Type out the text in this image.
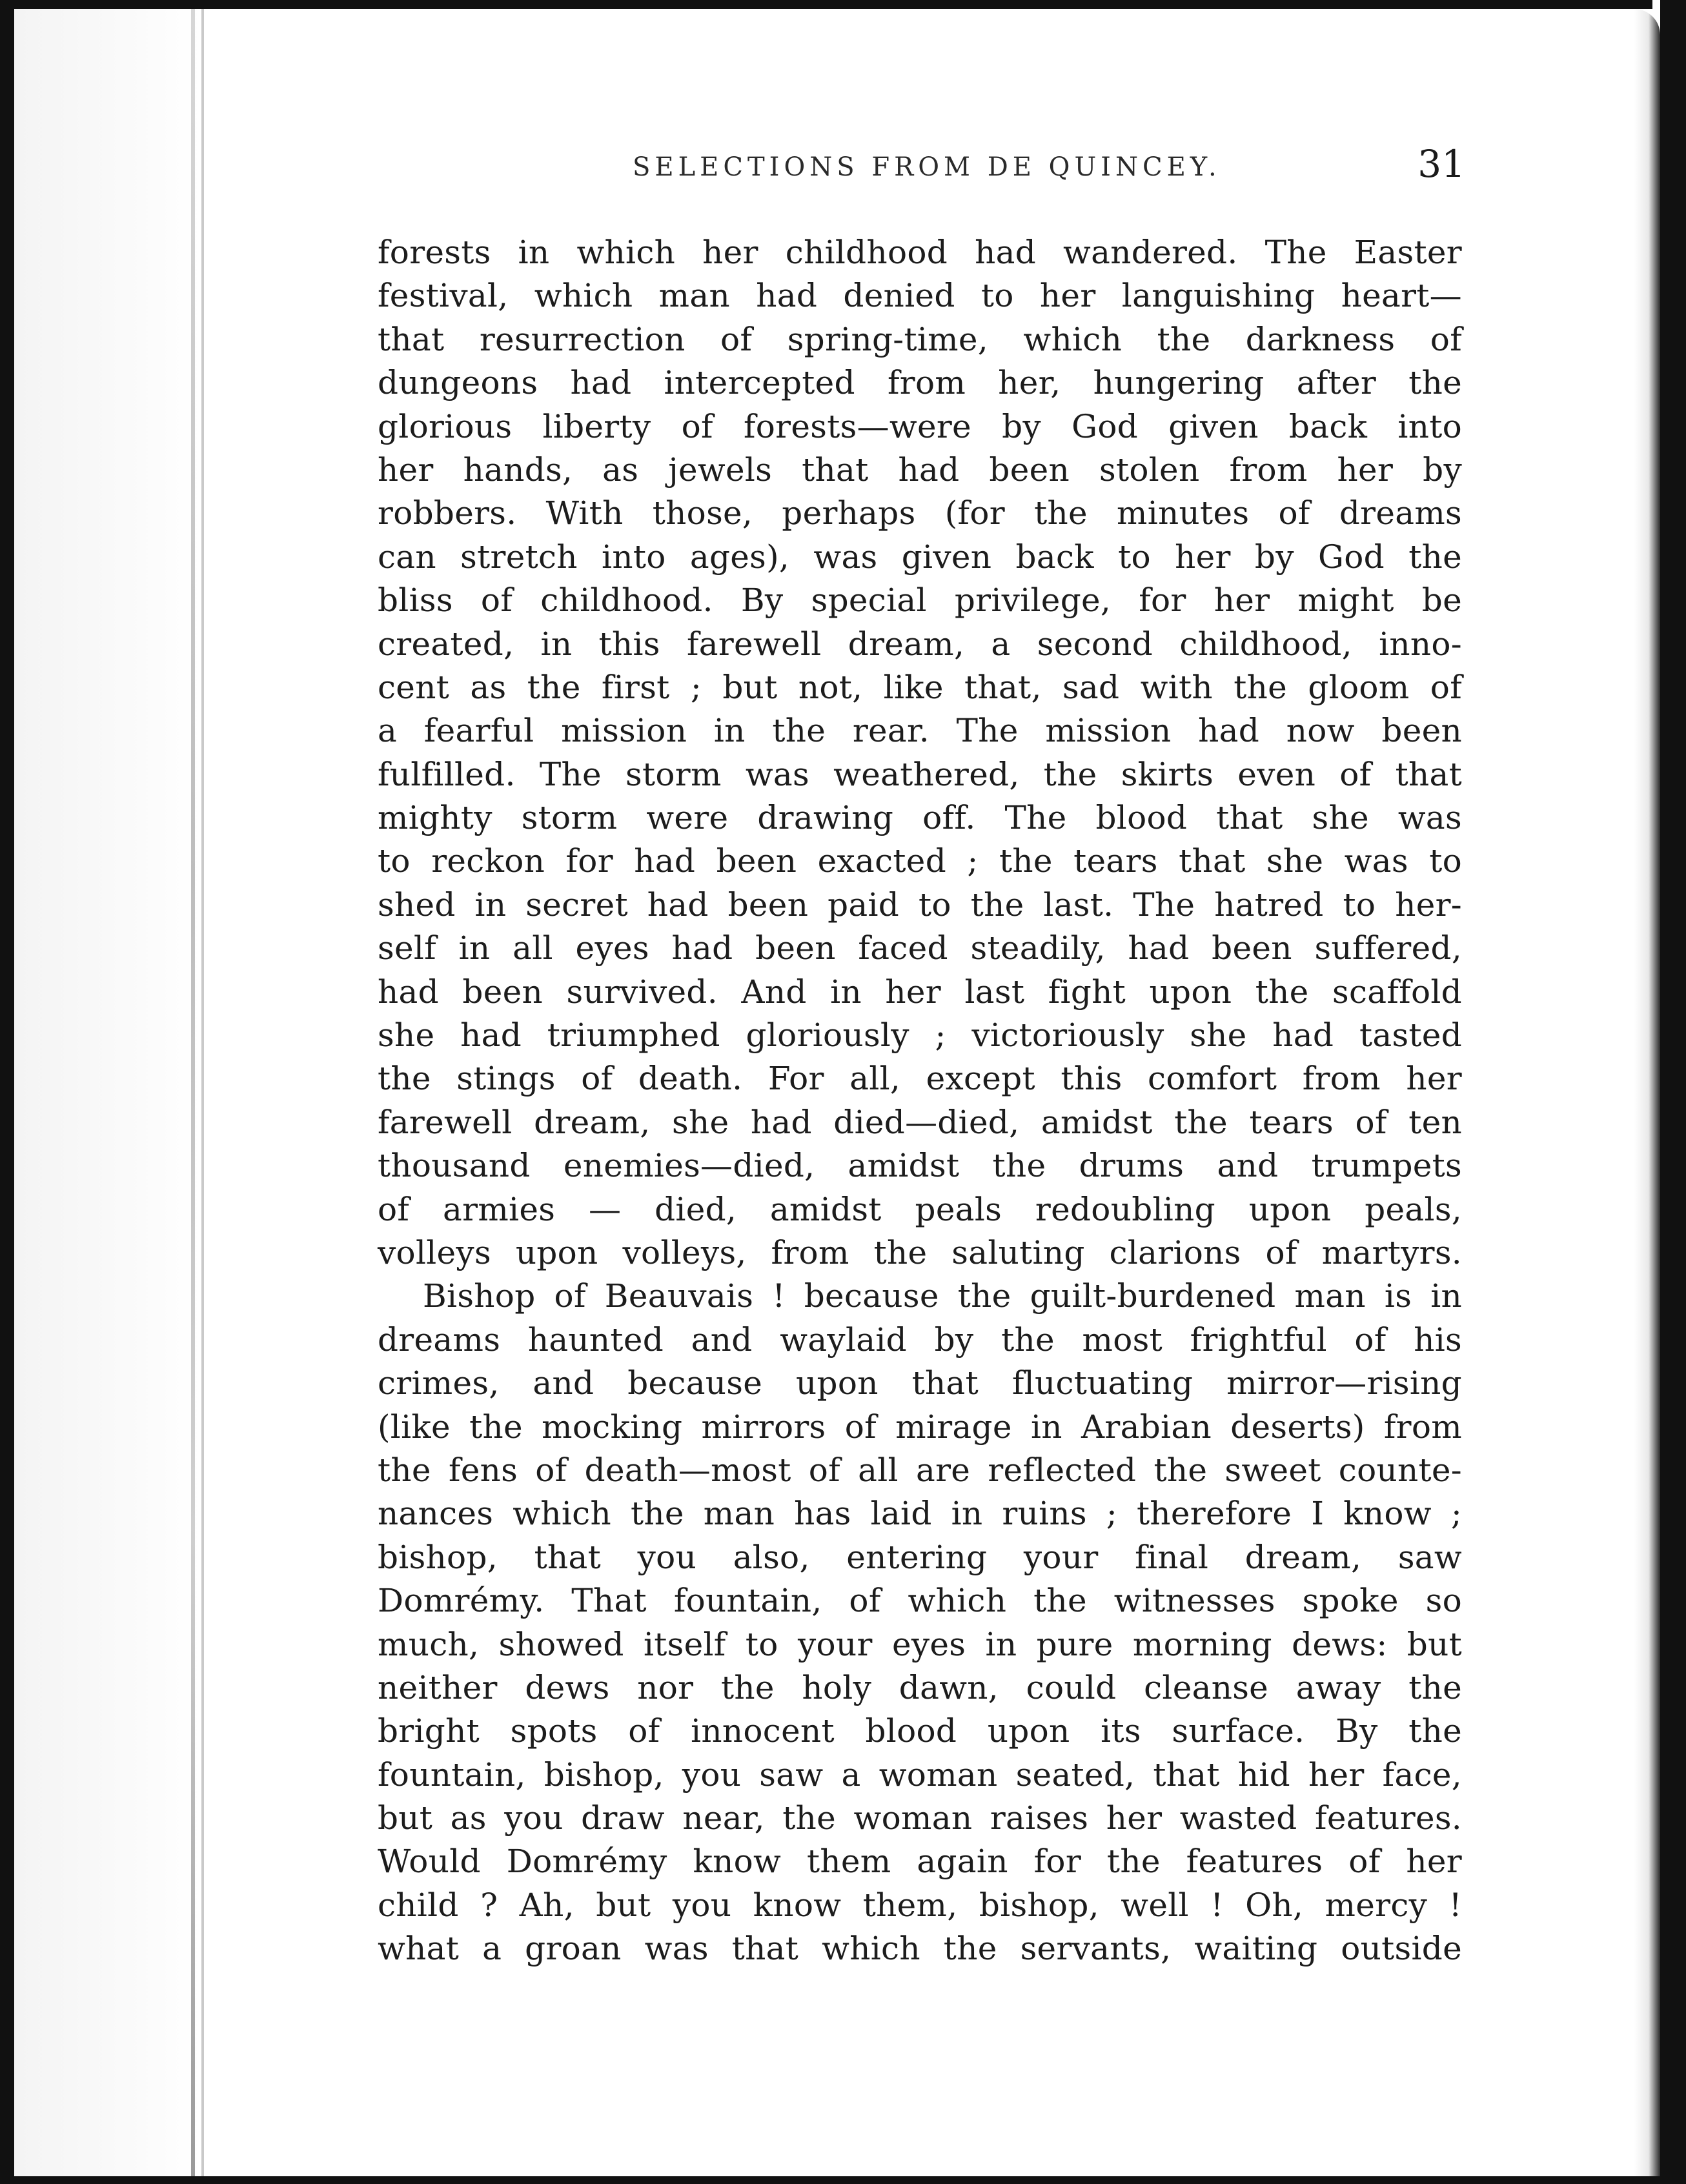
SELECTIONS FROM DE QUINCEY.	31
forests in which her childhood had wandered. The Easter
festival, which man had denied to her languishing heart—
that resurrection of spring-time, which the darkness of
dungeons had intercepted from her, hungering after the
glorious liberty of forests—were by God given back into
her hands, as jewels that had been stolen from her by
robbers. With those, perhaps (for the minutes of dreams
can stretch into ages), was given back to her by God the
bliss of childhood. By special privilege, for her might be
created, in this farewell dream, a second childhood, inno-
cent as the first ; but not, like that, sad with the gloom of
a fearful mission in the rear. The mission had now been
fulfilled. The storm was weathered, the skirts even of that
mighty storm were drawing off. The blood that she was
to reckon for had been exacted ; the tears that she was to
shed in secret had been paid to the last. The hatred to her-
self in all eyes had been faced steadily, had been suffered,
had been survived. And in her last fight upon the scaffold
she had triumphed gloriously ; victoriously she had tasted
the stings of death. For all, except this comfort from her
farewell dream, she had died—died, amidst the tears of ten
thousand enemies—died, amidst the drums and trumpets
of armies — died, amidst peals redoubling upon peals,
volleys upon volleys, from the saluting clarions of martyrs.
Bishop of Beauvais ! because the guilt-burdened man is in
dreams haunted and waylaid by the most frightful of his
crimes, and because upon that fluctuating mirror—rising
(like the mocking mirrors of mirage in Arabian deserts) from
the fens of death—most of all are reflected the sweet counte-
nances which the man has laid in ruins ; therefore I know ;
bishop, that you also, entering your final dream, saw
Domrémy. That fountain, of which the witnesses spoke so
much, showed itself to your eyes in pure morning dews: but
neither dews nor the holy dawn, could cleanse away the
bright spots of innocent blood upon its surface. By the
fountain, bishop, you saw a woman seated, that hid her face,
but as you draw near, the woman raises her wasted features.
Would Domrémy know them again for the features of her
child ? Ah, but you know them, bishop, well ! Oh, mercy !
what a groan was that which the servants, waiting outside
